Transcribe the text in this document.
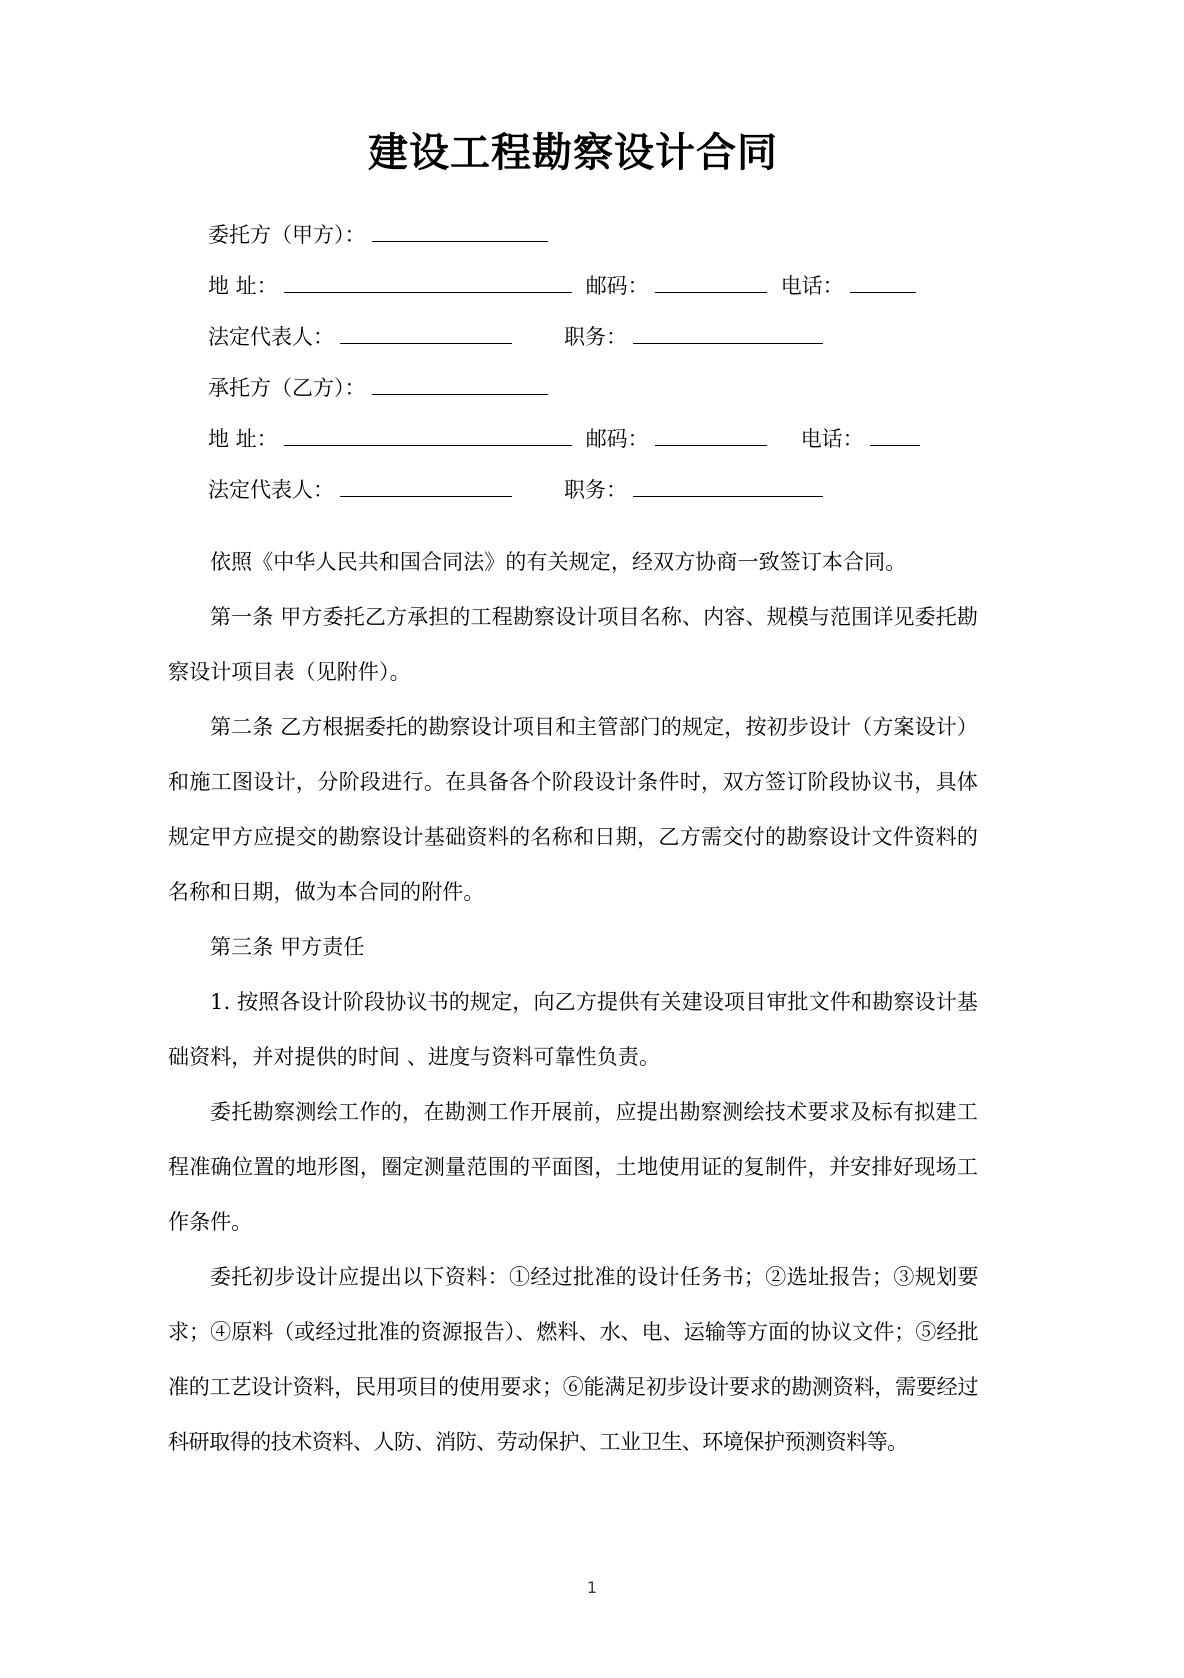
建设工程勘察设计合同
委托方（甲方）：
地 址：	邮码：	电话：
法定代表人：	职务：
承托方（乙方）：
地 址：	邮码：	电话：
法定代表人：	职务：

依照《中华人民共和国合同法》的有关规定，经双方协商一致签订本合同。

第一条 甲方委托乙方承担的工程勘察设计项目名称、内容、规模与范围详见委托勘察设计项目表（见附件）。

第二条 乙方根据委托的勘察设计项目和主管部门的规定，按初步设计（方案设计）和施工图设计，分阶段进行。在具备各个阶段设计条件时，双方签订阶段协议书，具体规定甲方应提交的勘察设计基础资料的名称和日期，乙方需交付的勘察设计文件资料的名称和日期，做为本合同的附件。

第三条 甲方责任

1. 按照各设计阶段协议书的规定，向乙方提供有关建设项目审批文件和勘察设计基础资料，并对提供的时间 、进度与资料可靠性负责。

委托勘察测绘工作的，在勘测工作开展前，应提出勘察测绘技术要求及标有拟建工程准确位置的地形图，圈定测量范围的平面图，土地使用证的复制件，并安排好现场工作条件。

委托初步设计应提出以下资料：①经过批准的设计任务书；②选址报告；③规划要求；④原料（或经过批准的资源报告）、燃料、水、电、运输等方面的协议文件；⑤经批准的工艺设计资料，民用项目的使用要求；⑥能满足初步设计要求的勘测资料，需要经过科研取得的技术资料、人防、消防、劳动保护、工业卫生、环境保护预测资料等。

1
